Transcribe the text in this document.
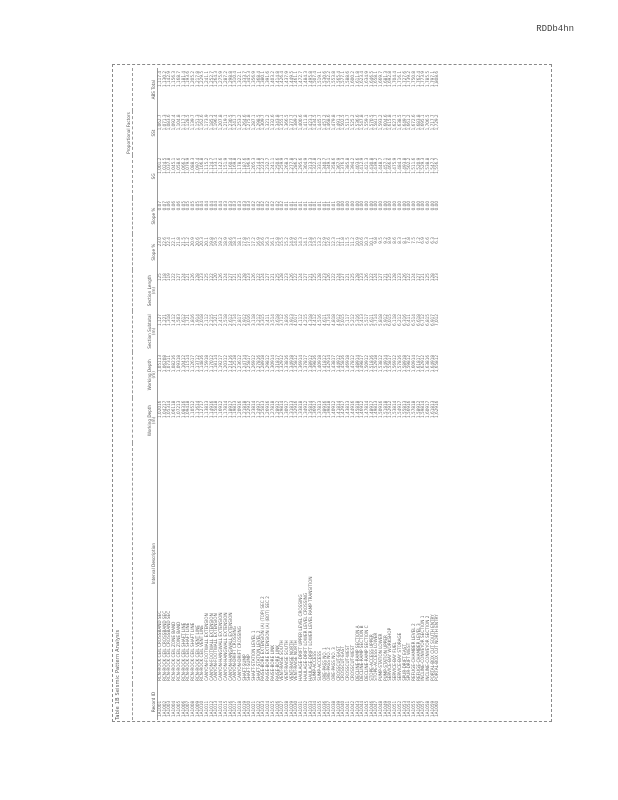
RDDb4hn
Table 1B Seismic Pattern Analysis
								Proportional Factors		
Record ID	Interval Description	Working Depth (m)	Working Depth (m)	Section Subtotal (m)	Section Length (m)	Slope %	Slope %	SG	SSt	ABS Total
1A1001	RCN-ROCK CEIL CROSSBAND SEC	1,02016	1,05113	1,127	125	23.0	0.07	1,001.2	1,062.7	1,117.4
1A1002	RCN-ROCK CEIL CROSSBAND SEC	1,04217	1,06208	1,221	118	22.6	0.07	1,024.5	1,071.3	1,130.2
1A1003	RCN-ROCK CEIL CROSSBAND SEC	1,05314	1,07311	1,318	119	22.4	0.06	1,037.8	1,083.6	1,142.9
1A1004	RCN-ROCK CEIL ZONE BAND	1,06118	1,08216	1,412	122	22.1	0.06	1,045.1	1,092.4	1,156.3
1A1005	RCN-ROCK CEIL ZONE BAND	1,07213	1,09318	1,503	127	21.8	0.06	1,058.6	1,104.8	1,168.7
1A1006	RCN-ROCK CEIL SHAFT LINE	1,08316	1,10412	1,612	124	21.5	0.05	1,066.2	1,117.1	1,181.4
1A1007	RCN-ROCK CEIL SHAFT LINE	1,09418	1,11514	1,721	121	21.2	0.05	1,079.9	1,128.5	1,193.6
1A1008	RCN-ROCK CEIL SHAFT LINE	1,10512	1,12617	1,816	126	20.9	0.05	1,088.3	1,139.7	1,205.2
1A1009	RCN-ROCK CEIL VENT LINE	1,11614	1,13712	1,914	128	20.6	0.05	1,097.4	1,151.3	1,217.8
1A1010	RCN-ROCK CEIL VENT LINE	1,12717	1,14816	2,018	123	20.3	0.04	1,106.8	1,162.6	1,229.5
1A1011	CANYON-FOOTWALL EXTENSION	1,13813	1,15918	2,112	125	20.1	0.04	1,115.2	1,173.9	1,241.1
1A1012	CANYON-FOOTWALL EXTENSION	1,14916	1,17012	2,215	122	19.8	0.04	1,124.7	1,185.2	1,252.7
1A1013	CANYON-FOOTWALL EXTENSION	1,15818	1,18114	2,321	120	19.5	0.04	1,133.1	1,196.4	1,264.3
1A1014	CANYON-HANGWALL EXTENSION	1,16912	1,19217	2,413	126	19.2	0.04	1,142.6	1,207.8	1,275.9
1A1015	CANYON-HANGWALL EXTENSION	1,17814	1,20312	2,518	124	18.9	0.03	1,151.9	1,219.1	1,287.2
1A1016	CANYON-HANGWALL EXTENSION	1,18917	1,21416	2,612	127	18.6	0.03	1,160.4	1,230.5	1,298.8
1A1017	CANYON-DRIFT CROSSING	1,19813	1,22518	2,714	121	18.3	0.03	1,169.8	1,241.7	1,310.4
1A1018	CANYON-DRIFT CROSSING	1,20916	1,23612	2,817	125	18.1	0.03	1,178.2	1,253.2	1,322.1
1A1019	SHAFT-SUMP	1,21818	1,24714	2,912	128	17.8	0.03	1,187.6	1,264.6	1,333.7
1A1020	SHAFT-SUMP	1,22912	1,25817	3,016	123	17.5	0.03	1,196.9	1,275.8	1,345.3
1A1021	SHAFT-STATION LEVEL 1	1,23814	1,26912	3,118	126	17.2	0.02	1,205.3	1,287.1	1,356.9
1A1022	SHAFT-STATION LEVEL 2	1,24917	1,27816	3,212	122	16.9	0.02	1,214.8	1,298.5	1,368.4
1A1023	RAISE-BORE EXTENSION (A) (TOP) SEC 2	1,25813	1,28918	3,315	124	16.6	0.02	1,223.2	1,309.7	1,380.1
1A1024	RAISE-BORE EXTENSION (A) (BOT) SEC 2	1,26916	1,29812	3,411	127	16.3	0.02	1,232.7	1,321.2	1,391.6
1A1025	RAISE-BORE LINK	1,27818	1,30914	3,514	121	16.1	0.02	1,241.1	1,332.6	1,403.2
1A1026	RAISE-BORE LINK	1,28912	1,31817	3,618	125	15.8	0.02	1,250.6	1,343.8	1,414.8
1A1027	VENT-RAISE SOUTH	1,29814	1,32912	3,712	128	15.5	0.02	1,259.9	1,355.1	1,426.4
1A1028	VENT-RAISE SOUTH	1,30917	1,33816	3,816	123	15.2	0.01	1,268.3	1,366.5	1,437.9
1A1029	VENT-RAISE NORTH	1,31813	1,34918	3,913	126	14.9	0.01	1,277.8	1,377.7	1,449.5
1A1030	VENT-RAISE NORTH	1,32916	1,35812	4,017	122	14.6	0.01	1,286.2	1,389.2	1,461.1
1A1031	HAULAGE-DRIFT UPPER LEVEL CROSSING	1,33818	1,36914	4,112	124	14.3	0.01	1,295.6	1,400.6	1,472.7
1A1032	HAULAGE-DRIFT LOWER LEVEL CROSSING	1,34912	1,37817	4,215	127	14.1	0.01	1,304.9	1,411.8	1,484.3
1A1033	HAULAGE-DRIFT LOWER LEVEL RAMP TRANSITION	1,35814	1,38912	4,318	121	13.8	0.01	1,313.3	1,423.1	1,495.8
1A1034	SUMP-ACCESS	1,36917	1,39816	4,412	125	13.5	0.01	1,322.8	1,434.5	1,507.4
1A1035	SUMP-ACCESS	1,37813	1,40918	4,516	128	13.2	0.01	1,331.2	1,445.7	1,519.1
1A1036	ORE-PASS NO. 1	1,38916	1,41812	4,611	123	12.9	0.01	1,340.7	1,457.2	1,530.6
1A1037	ORE-PASS NO. 2	1,39818	1,42914	4,714	126	12.6	0.01	1,349.1	1,468.6	1,542.2
1A1038	ORE-PASS NO. 3	1,40912	1,43817	4,818	122	12.3	0.01	1,358.6	1,479.8	1,553.8
1A1039	CROSSCUT-EAST	1,41814	1,44912	4,912	124	12.1	0.00	1,367.9	1,491.1	1,565.4
1A1040	CROSSCUT-EAST	1,42917	1,45816	5,015	127	11.8	0.00	1,376.3	1,502.5	1,577.1
1A1041	CROSSCUT-WEST	1,43813	1,46918	5,117	121	11.5	0.00	1,385.8	1,513.7	1,588.6
1A1042	CROSSCUT-WEST	1,44916	1,47812	5,212	125	11.2	0.00	1,394.2	1,525.2	1,600.2
1A1043	DECLINE-RAMP SECTION A	1,45818	1,48914	5,316	128	10.9	0.00	1,403.6	1,536.6	1,611.8
1A1044	DECLINE-RAMP SECTION B	1,46912	1,49817	5,413	123	10.6	0.00	1,412.9	1,547.8	1,623.4
1A1045	DECLINE-RAMP SECTION C	1,47814	1,50912	5,517	126	10.3	0.00	1,421.3	1,559.1	1,634.9
1A1046	STOPE-ACCESS UPPER	1,48917	1,51816	5,611	122	10.1	0.00	1,430.8	1,570.5	1,646.5
1A1047	STOPE-ACCESS LOWER	1,49813	1,52918	5,714	124	9.8	0.00	1,439.2	1,581.7	1,658.1
1A1048	PUMP-STATION LOWER	1,50916	1,53812	5,818	127	9.5	0.00	1,448.7	1,593.2	1,669.7
1A1049	PUMP-STATION UPPER	1,51818	1,54914	5,912	121	9.2	0.00	1,457.1	1,604.6	1,681.3
1A1050	SERVICE-BAY WORKSHOP	1,52912	1,55817	6,015	125	8.9	0.00	1,466.6	1,615.8	1,692.8
1A1051	SERVICE-BAY FUEL	1,53814	1,56912	6,118	128	8.6	0.00	1,475.9	1,627.1	1,704.4
1A1052	SERVICE-BAY STORAGE	1,54917	1,57816	6,212	123	8.3	0.00	1,484.3	1,638.5	1,716.1
1A1053	SPUR-DRIFT EAST	1,55813	1,58918	6,316	126	8.1	0.00	1,493.8	1,649.7	1,727.6
1A1054	SPUR-DRIFT WEST	1,56916	1,59812	6,411	122	7.8	0.00	1,502.2	1,661.2	1,739.2
1A1055	REFUGE-CHAMBER LEVEL 2	1,57818	1,60914	6,514	124	7.5	0.00	1,511.6	1,672.6	1,750.8
1A1056	REFUGE-CHAMBER LEVEL 3	1,58912	1,61817	6,618	127	7.2	0.00	1,520.9	1,683.8	1,762.4
1A1057	INCLINE-CONVEYOR SECTION 1	1,59814	1,62912	6,712	121	6.9	0.00	1,529.3	1,695.1	1,773.9
1A1058	INCLINE-CONVEYOR SECTION 2	1,60917	1,63816	6,815	125	6.6	0.00	1,538.8	1,706.5	1,785.5
1A1059	PORTAL-BOX CUT SOUTH ENTRY	1,61813	1,64918	6,917	128	6.3	0.00	1,547.2	1,717.7	1,797.1
1A1060	PORTAL-BOX CUT NORTH ENTRY	1,62916	1,65812	7,012	123	6.1	0.00	1,556.7	1,729.2	1,808.6
